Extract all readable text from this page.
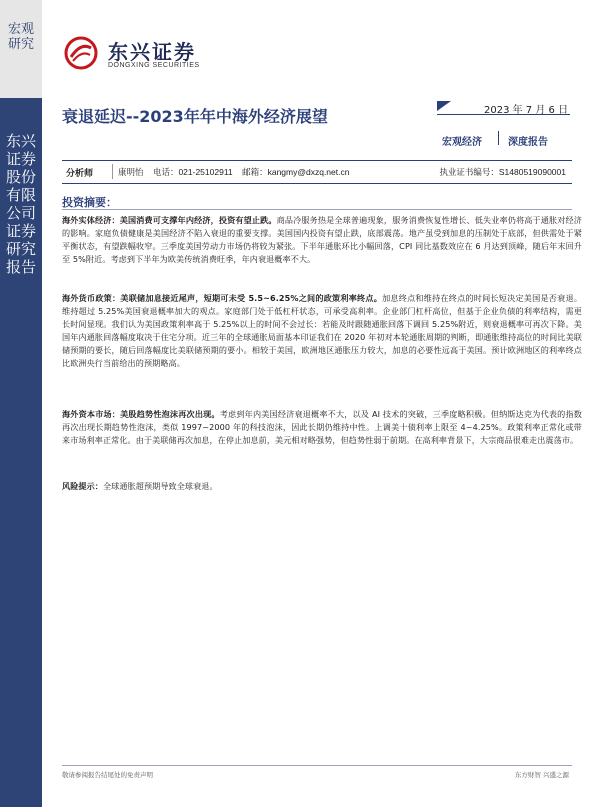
宏观研究
东兴证券股份有限公司证券研究报告
东兴证券
DONGXING SECURITIES
衰退延迟--2023年年中海外经济展望	2023 年 7 月 6 日
宏观经济	深度报告
分析师	康明怡    电话：021-25102911    邮箱：kangmy@dxzq.net.cn	执业证书编号：S1480519090001
投资摘要：

海外实体经济：美国消费可支撑年内经济，投资有望止跌。商品冷服务热是全球普遍现象，服务消费恢复性增长、低失业率仍将高于通胀对经济的影响。家庭负债健康是美国经济不陷入衰退的重要支撑。美国国内投资有望止跌，底部震荡。地产虽受到加息的压制处于底部，但供需处于紧平衡状态，有望跌幅收窄。三季度美国劳动力市场仍将较为紧张。下半年通胀环比小幅回落，CPI 同比基数效应在 6 月达到顶峰，随后年末回升至 5%附近。考虑到下半年为欧美传统消费旺季，年内衰退概率不大。

海外货币政策：美联储加息接近尾声，短期可未受 5.5~6.25%之间的政策利率终点。加息终点和维持在终点的时间长短决定美国是否衰退。维持超过 5.25%美国衰退概率加大的观点。家庭部门处于低杠杆状态，可承受高利率。企业部门杠杆高位，但基于企业负债的利率结构，需更长时间显现。我们认为美国政策利率高于 5.25%以上的时间不会过长：若能及时跟随通胀回落下调回 5.25%附近，则衰退概率可再次下降。美国年内通胀回落幅度取决于住宅分项。近三年的全球通胀局面基本印证我们在 2020 年初对本轮通胀周期的判断，即通胀维持高位的时间比美联储预期的要长，随后回落幅度比美联储预期的要小。相较于美国，欧洲地区通胀压力较大，加息的必要性远高于美国。预计欧洲地区的利率终点比欧洲央行当前给出的预期略高。

海外资本市场：美股趋势性泡沫再次出现。考虑到年内美国经济衰退概率不大，以及 AI 技术的突破，三季度略积极。但纳斯达克为代表的指数再次出现长期趋势性泡沫，类似 1997~2000 年的科技泡沫，因此长期仍维持中性。上调美十债利率上限至 4~4.25%。政策利率正常化或带来市场利率正常化。由于美联储再次加息，在停止加息前，美元相对略强势，但趋势性弱于前期。在高利率背景下，大宗商品很难走出震荡市。

风险提示：全球通胀超预期导致全球衰退。

敬请参阅报告结尾处的免责声明	东方财智 兴盛之源
